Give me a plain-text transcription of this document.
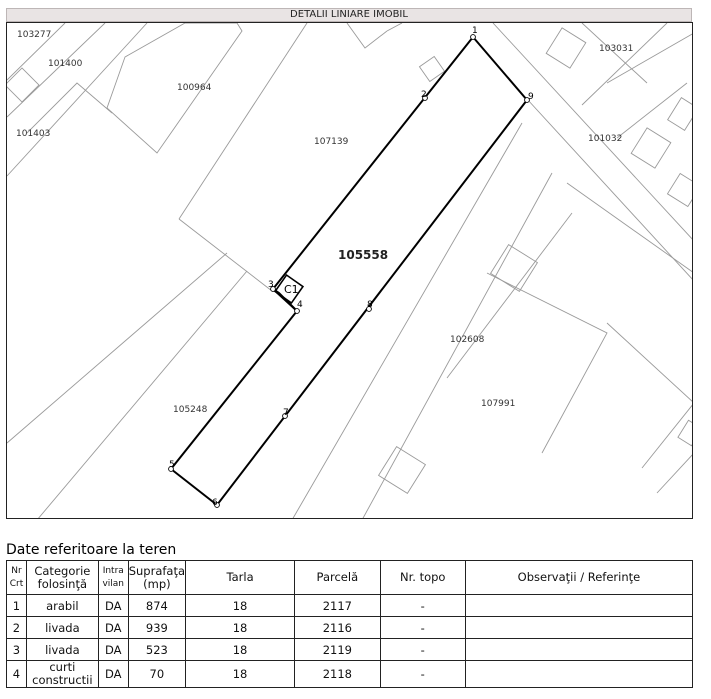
DETALII LINIARE IMOBIL
1
2
3
4
5
6
7
8
9
103277
101400
101403
100964
107139
103031
101032
105248
102608
107991
105558
C1
Date referitoare la teren
Nr Crt	Categorie folosinţă	Intra vilan	Suprafaţa (mp)	Tarla	Parcelă	Nr. topo	Observaţii / Referinţe
1	arabil	DA	874	18	2117	-	
2	livada	DA	939	18	2116	-	
3	livada	DA	523	18	2119	-	
4	curti constructii	DA	70	18	2118	-	
